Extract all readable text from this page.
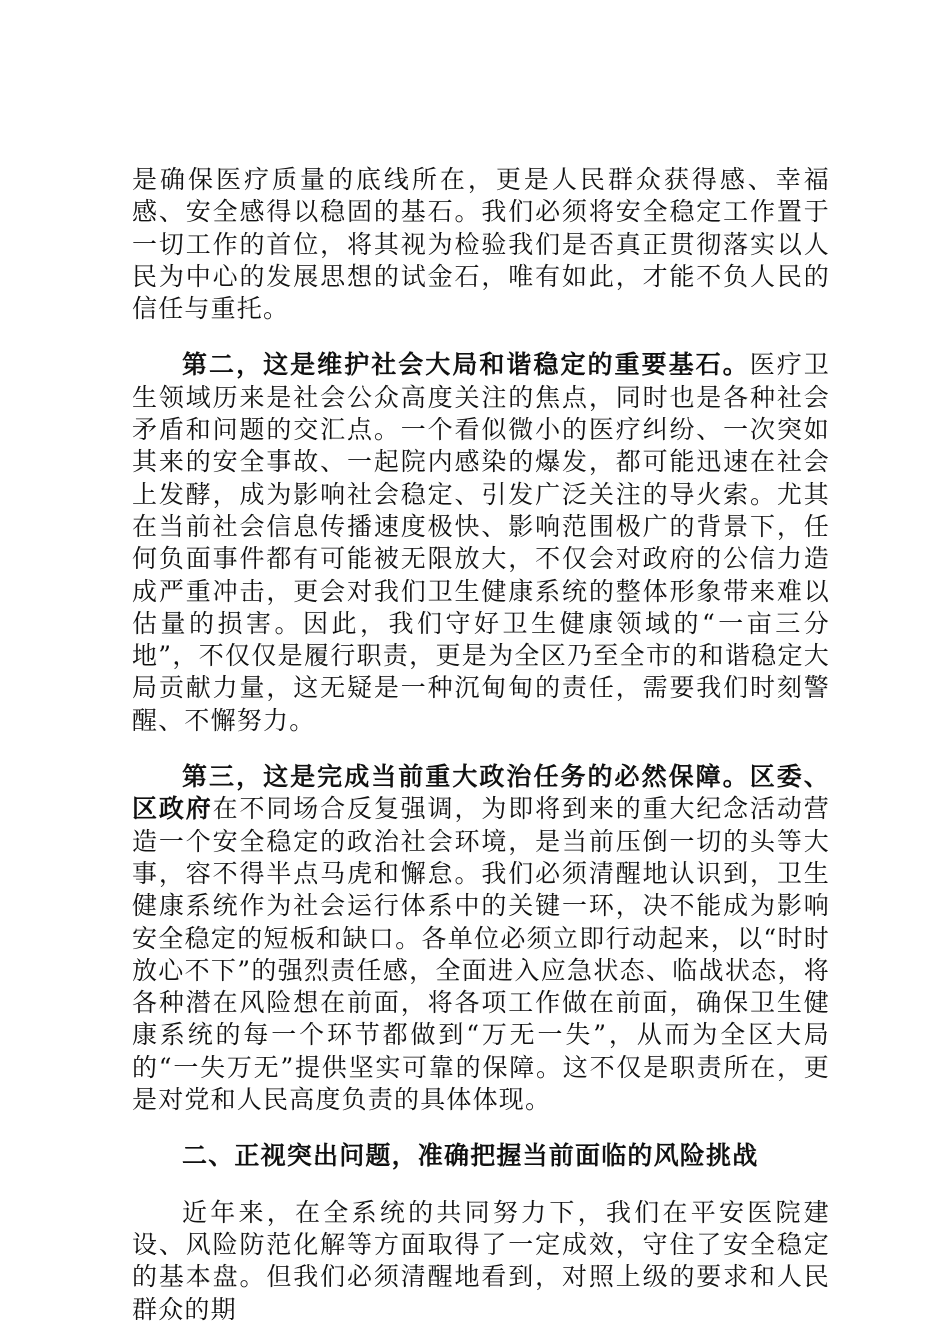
是确保医疗质量的底线所在，更是人民群众获得感、幸福感、安全感得以稳固的基石。我们必须将安全稳定工作置于一切工作的首位，将其视为检验我们是否真正贯彻落实以人民为中心的发展思想的试金石，唯有如此，才能不负人民的信任与重托。

第二，这是维护社会大局和谐稳定的重要基石。医疗卫生领域历来是社会公众高度关注的焦点，同时也是各种社会矛盾和问题的交汇点。一个看似微小的医疗纠纷、一次突如其来的安全事故、一起院内感染的爆发，都可能迅速在社会上发酵，成为影响社会稳定、引发广泛关注的导火索。尤其在当前社会信息传播速度极快、影响范围极广的背景下，任何负面事件都有可能被无限放大，不仅会对政府的公信力造成严重冲击，更会对我们卫生健康系统的整体形象带来难以估量的损害。因此，我们守好卫生健康领域的“一亩三分地”，不仅仅是履行职责，更是为全区乃至全市的和谐稳定大局贡献力量，这无疑是一种沉甸甸的责任，需要我们时刻警醒、不懈努力。

第三，这是完成当前重大政治任务的必然保障。区委、区政府在不同场合反复强调，为即将到来的重大纪念活动营造一个安全稳定的政治社会环境，是当前压倒一切的头等大事，容不得半点马虎和懈怠。我们必须清醒地认识到，卫生健康系统作为社会运行体系中的关键一环，决不能成为影响安全稳定的短板和缺口。各单位必须立即行动起来，以“时时放心不下”的强烈责任感，全面进入应急状态、临战状态，将各种潜在风险想在前面，将各项工作做在前面，确保卫生健康系统的每一个环节都做到“万无一失”，从而为全区大局的“一失万无”提供坚实可靠的保障。这不仅是职责所在，更是对党和人民高度负责的具体体现。

二、正视突出问题，准确把握当前面临的风险挑战

近年来，在全系统的共同努力下，我们在平安医院建设、风险防范化解等方面取得了一定成效，守住了安全稳定的基本盘。但我们必须清醒地看到，对照上级的要求和人民群众的期
